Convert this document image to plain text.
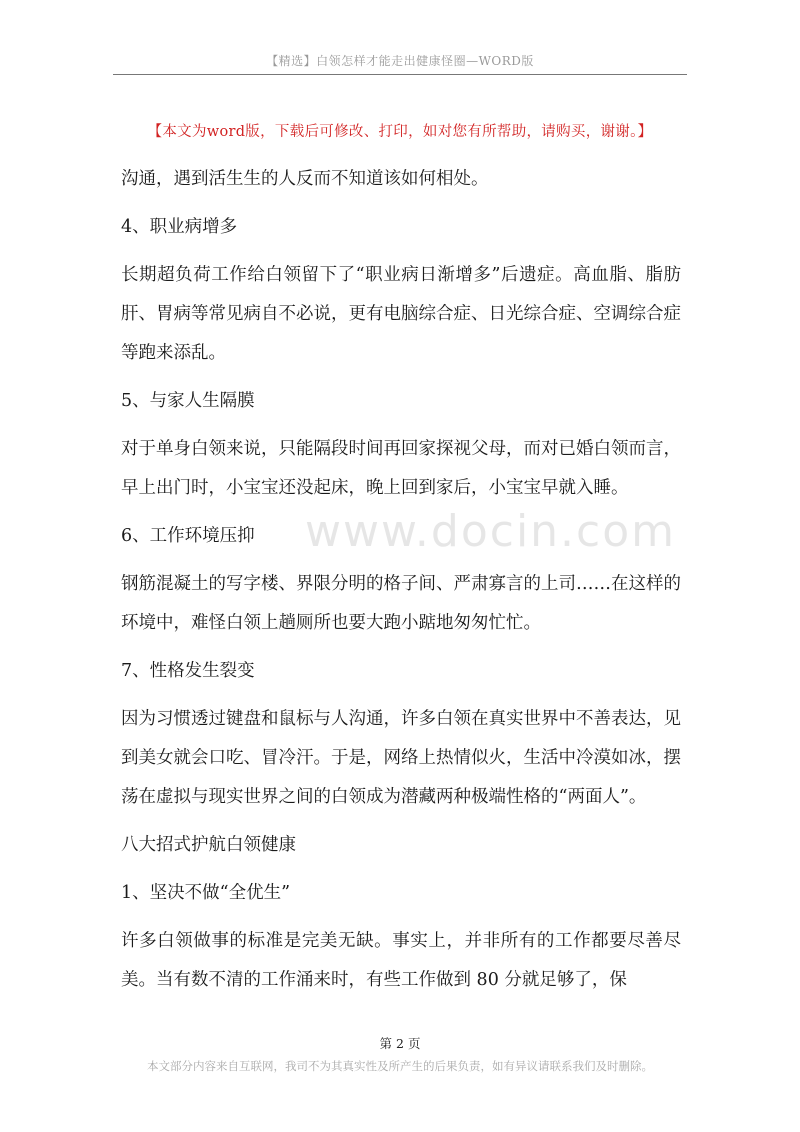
【精选】白领怎样才能走出健康怪圈—WORD版
【本文为word版，下载后可修改、打印，如对您有所帮助，请购买，谢谢。】
www.docin.com

沟通，遇到活生生的人反而不知道该如何相处。

4、职业病增多

长期超负荷工作给白领留下了“职业病日渐增多”后遗症。高血脂、脂肪肝、胃病等常见病自不必说，更有电脑综合症、日光综合症、空调综合症等跑来添乱。

5、与家人生隔膜

对于单身白领来说，只能隔段时间再回家探视父母，而对已婚白领而言，早上出门时，小宝宝还没起床，晚上回到家后，小宝宝早就入睡。

6、工作环境压抑

钢筋混凝土的写字楼、界限分明的格子间、严肃寡言的上司……在这样的环境中，难怪白领上趟厕所也要大跑小踮地匆匆忙忙。

7、性格发生裂变

因为习惯透过键盘和鼠标与人沟通，许多白领在真实世界中不善表达，见到美女就会口吃、冒冷汗。于是，网络上热情似火，生活中冷漠如冰，摆荡在虚拟与现实世界之间的白领成为潜藏两种极端性格的“两面人”。

八大招式护航白领健康

1、坚决不做“全优生”

许多白领做事的标准是完美无缺。事实上，并非所有的工作都要尽善尽美。当有数不清的工作涌来时，有些工作做到 80 分就足够了，保

第 2 页
本文部分内容来自互联网，我司不为其真实性及所产生的后果负责，如有异议请联系我们及时删除。
